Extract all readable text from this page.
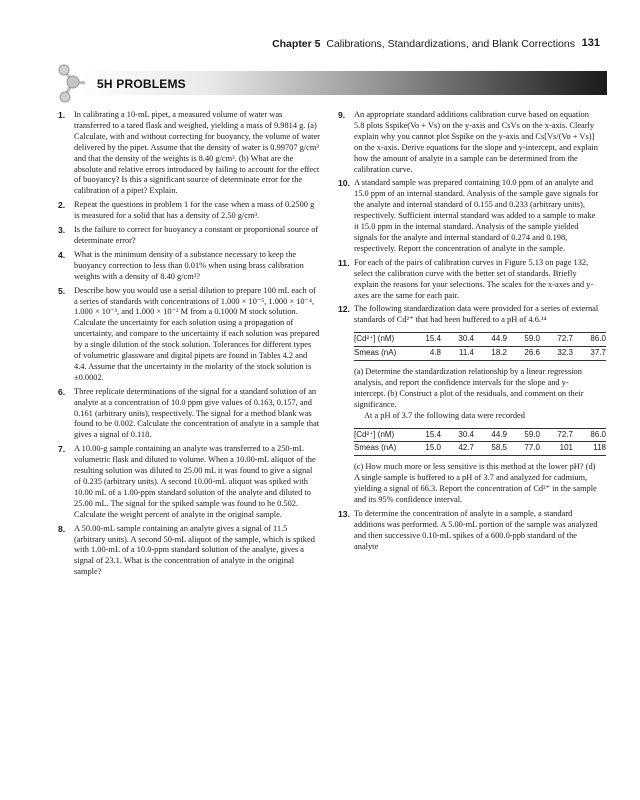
Chapter 5 Calibrations, Standardizations, and Blank Corrections 131
5H PROBLEMS
1. In calibrating a 10-mL pipet, a measured volume of water was transferred to a tared flask and weighed, yielding a mass of 9.9814 g. (a) Calculate, with and without correcting for buoyancy, the volume of water delivered by the pipet. Assume that the density of water is 0.99707 g/cm³ and that the density of the weights is 8.40 g/cm³. (b) What are the absolute and relative errors introduced by failing to account for the effect of buoyancy? Is this a significant source of determinate error for the calibration of a pipet? Explain.

2. Repeat the questions in problem 1 for the case when a mass of 0.2500 g is measured for a solid that has a density of 2.50 g/cm³.

3. Is the failure to correct for buoyancy a constant or proportional source of determinate error?

4. What is the minimum density of a substance necessary to keep the buoyancy correction to less than 0.01% when using brass calibration weights with a density of 8.40 g/cm³?

5. Describe how you would use a serial dilution to prepare 100 mL each of a series of standards with concentrations of 1.000 × 10⁻⁵, 1.000 × 10⁻⁴, 1.000 × 10⁻³, and 1.000 × 10⁻² M from a 0.1000 M stock solution. Calculate the uncertainty for each solution using a propagation of uncertainty, and compare to the uncertainty if each solution was prepared by a single dilution of the stock solution. Tolerances for different types of volumetric glassware and digital pipets are found in Tables 4.2 and 4.4. Assume that the uncertainty in the molarity of the stock solution is ±0.0002.

6. Three replicate determinations of the signal for a standard solution of an analyte at a concentration of 10.0 ppm give values of 0.163, 0.157, and 0.161 (arbitrary units), respectively. The signal for a method blank was found to be 0.002. Calculate the concentration of analyte in a sample that gives a signal of 0.118.

7. A 10.00-g sample containing an analyte was transferred to a 250-mL volumetric flask and diluted to volume. When a 10.00-mL aliquot of the resulting solution was diluted to 25.00 mL it was found to give a signal of 0.235 (arbitrary units). A second 10.00-mL aliquot was spiked with 10.00 mL of a 1.00-ppm standard solution of the analyte and diluted to 25.00 mL. The signal for the spiked sample was found to be 0.502. Calculate the weight percent of analyte in the original sample.

8. A 50.00-mL sample containing an analyte gives a signal of 11.5 (arbitrary units). A second 50-mL aliquot of the sample, which is spiked with 1.00-mL of a 10.0-ppm standard solution of the analyte, gives a signal of 23.1. What is the concentration of analyte in the original sample?

9. An appropriate standard additions calibration curve based on equation 5.8 plots Sspike(Vo + Vs) on the y-axis and CsVs on the x-axis. Clearly explain why you cannot plot Sspike on the y-axis and Cs[Vs/(Vo + Vs)] on the x-axis. Derive equations for the slope and y-intercept, and explain how the amount of analyte in a sample can be determined from the calibration curve.

10. A standard sample was prepared containing 10.0 ppm of an analyte and 15.0 ppm of an internal standard. Analysis of the sample gave signals for the analyte and internal standard of 0.155 and 0.233 (arbitrary units), respectively. Sufficient internal standard was added to a sample to make it 15.0 ppm in the internal standard. Analysis of the sample yielded signals for the analyte and internal standard of 0.274 and 0.198, respectively. Report the concentration of analyte in the sample.

11. For each of the pairs of calibration curves in Figure 5.13 on page 132, select the calibration curve with the better set of standards. Briefly explain the reasons for your selections. The scales for the x-axes and y-axes are the same for each pair.

12. The following standardization data were provided for a series of external standards of Cd²⁺ that had been buffered to a pH of 4.6.¹⁴

[Cd²⁺] (nM)	15.4	30.4	44.9	59.0	72.7	86.0
Smeas (nA)	4.8	11.4	18.2	26.6	32.3	37.7

(a) Determine the standardization relationship by a linear regression analysis, and report the confidence intervals for the slope and y-intercept. (b) Construct a plot of the residuals, and comment on their significance.

At a pH of 3.7 the following data were recorded

[Cd²⁺] (nM)	15.4	30.4	44.9	59.0	72.7	86.0
Smeas (nA)	15.0	42.7	58.5	77.0	101	118

(c) How much more or less sensitive is this method at the lower pH? (d) A single sample is buffered to a pH of 3.7 and analyzed for cadmium, yielding a signal of 66.3. Report the concentration of Cd²⁺ in the sample and its 95% confidence interval.

13. To determine the concentration of analyte in a sample, a standard additions was performed. A 5.00-mL portion of the sample was analyzed and then successive 0.10-mL spikes of a 600.0-ppb standard of the analyte
